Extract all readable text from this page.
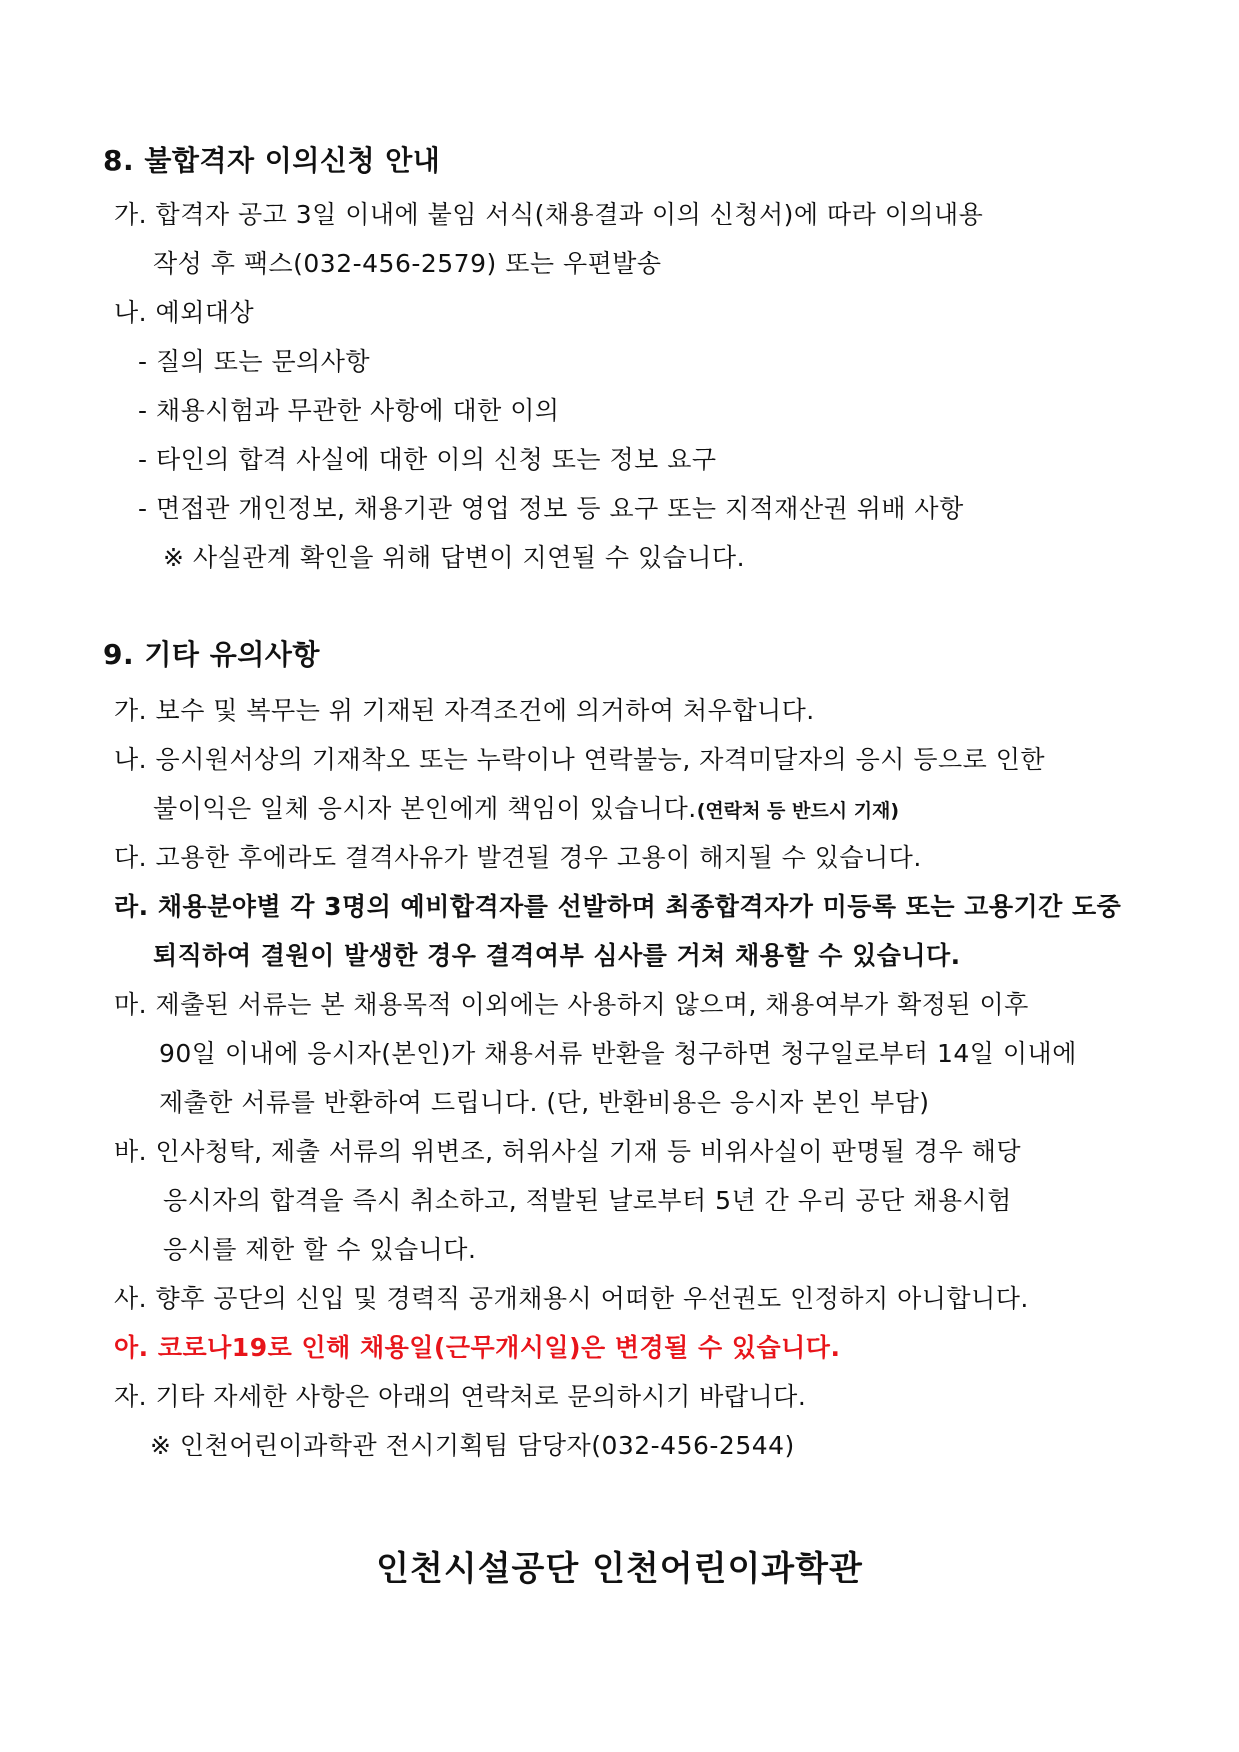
8. 불합격자 이의신청 안내
가. 합격자 공고 3일 이내에 붙임 서식(채용결과 이의 신청서)에 따라 이의내용
작성 후 팩스(032-456-2579) 또는 우편발송
나. 예외대상
- 질의 또는 문의사항
- 채용시험과 무관한 사항에 대한 이의
- 타인의 합격 사실에 대한 이의 신청 또는 정보 요구
- 면접관 개인정보, 채용기관 영업 정보 등 요구 또는 지적재산권 위배 사항
※ 사실관계 확인을 위해 답변이 지연될 수 있습니다.
9. 기타 유의사항
가. 보수 및 복무는 위 기재된 자격조건에 의거하여 처우합니다.
나. 응시원서상의 기재착오 또는 누락이나 연락불능, 자격미달자의 응시 등으로 인한
불이익은 일체 응시자 본인에게 책임이 있습니다.(연락처 등 반드시 기재)
다. 고용한 후에라도 결격사유가 발견될 경우 고용이 해지될 수 있습니다.
라. 채용분야별 각 3명의 예비합격자를 선발하며 최종합격자가 미등록 또는 고용기간 도중
퇴직하여 결원이 발생한 경우 결격여부 심사를 거쳐 채용할 수 있습니다.
마. 제출된 서류는 본 채용목적 이외에는 사용하지 않으며, 채용여부가 확정된 이후
90일 이내에 응시자(본인)가 채용서류 반환을 청구하면 청구일로부터 14일 이내에
제출한 서류를 반환하여 드립니다. (단, 반환비용은 응시자 본인 부담)
바. 인사청탁, 제출 서류의 위변조, 허위사실 기재 등 비위사실이 판명될 경우 해당
응시자의 합격을 즉시 취소하고, 적발된 날로부터 5년 간 우리 공단 채용시험
응시를 제한 할 수 있습니다.
사. 향후 공단의 신입 및 경력직 공개채용시 어떠한 우선권도 인정하지 아니합니다.
아. 코로나19로 인해 채용일(근무개시일)은 변경될 수 있습니다.
자. 기타 자세한 사항은 아래의 연락처로 문의하시기 바랍니다.
※ 인천어린이과학관 전시기획팀 담당자(032-456-2544)
인천시설공단 인천어린이과학관
